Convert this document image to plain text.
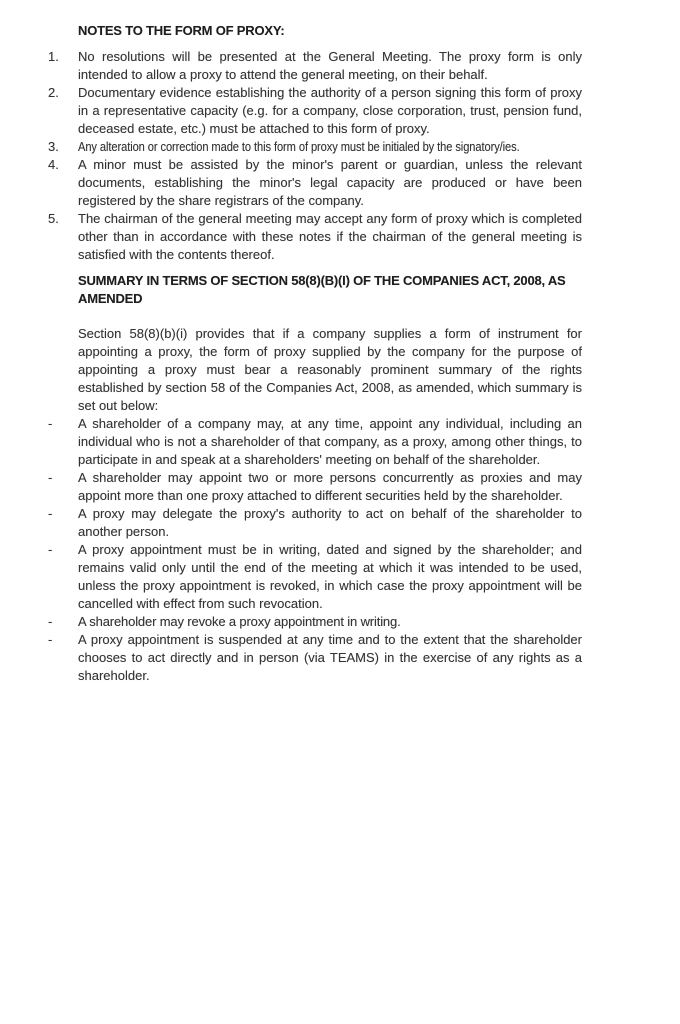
NOTES TO THE FORM OF PROXY:
1.	No resolutions will be presented at the General Meeting. The proxy form is only intended to allow a proxy to attend the general meeting, on their behalf.
2.	Documentary evidence establishing the authority of a person signing this form of proxy in a representative capacity (e.g. for a company, close corporation, trust, pension fund, deceased estate, etc.) must be attached to this form of proxy.
3.	Any alteration or correction made to this form of proxy must be initialed by the signatory/ies.
4.	A minor must be assisted by the minor's parent or guardian, unless the relevant documents, establishing the minor's legal capacity are produced or have been registered by the share registrars of the company.
5.	The chairman of the general meeting may accept any form of proxy which is completed other than in accordance with these notes if the chairman of the general meeting is satisfied with the contents thereof.
SUMMARY IN TERMS OF SECTION 58(8)(B)(I) OF THE COMPANIES ACT, 2008, AS AMENDED

Section 58(8)(b)(i) provides that if a company supplies a form of instrument for appointing a proxy, the form of proxy supplied by the company for the purpose of appointing a proxy must bear a reasonably prominent summary of the rights established by section 58 of the Companies Act, 2008, as amended, which summary is set out below:

-	A shareholder of a company may, at any time, appoint any individual, including an individual who is not a shareholder of that company, as a proxy, among other things, to participate in and speak at a shareholders' meeting on behalf of the shareholder.
-	A shareholder may appoint two or more persons concurrently as proxies and may appoint more than one proxy attached to different securities held by the shareholder.
-	A proxy may delegate the proxy's authority to act on behalf of the shareholder to another person.
-	A proxy appointment must be in writing, dated and signed by the shareholder; and remains valid only until the end of the meeting at which it was intended to be used, unless the proxy appointment is revoked, in which case the proxy appointment will be cancelled with effect from such revocation.
-	A shareholder may revoke a proxy appointment in writing.
-	A proxy appointment is suspended at any time and to the extent that the shareholder chooses to act directly and in person (via TEAMS) in the exercise of any rights as a shareholder.
